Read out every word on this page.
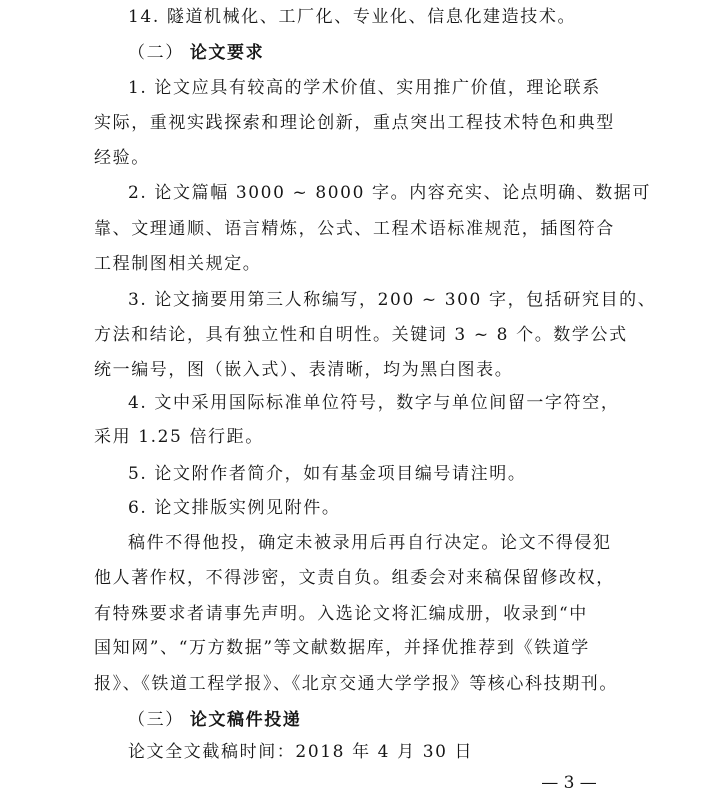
14. 隧道机械化、工厂化、专业化、信息化建造技术。
（二） 论文要求
1. 论文应具有较高的学术价值、实用推广价值，理论联系
实际，重视实践探索和理论创新，重点突出工程技术特色和典型
经验。
2. 论文篇幅 3000 ~ 8000 字。内容充实、论点明确、数据可
靠、文理通顺、语言精炼，公式、工程术语标准规范，插图符合
工程制图相关规定。
3. 论文摘要用第三人称编写，200 ~ 300 字，包括研究目的、
方法和结论，具有独立性和自明性。关键词 3 ~ 8 个。数学公式
统一编号，图（嵌入式）、表清晰，均为黑白图表。
4. 文中采用国际标准单位符号，数字与单位间留一字符空，
采用 1.25 倍行距。
5. 论文附作者简介，如有基金项目编号请注明。
6. 论文排版实例见附件。
稿件不得他投，确定未被录用后再自行决定。论文不得侵犯
他人著作权，不得涉密，文责自负。组委会对来稿保留修改权，
有特殊要求者请事先声明。入选论文将汇编成册，收录到“中
国知网”、“万方数据”等文献数据库，并择优推荐到《铁道学
报》、《铁道工程学报》、《北京交通大学学报》等核心科技期刊。
（三） 论文稿件投递
论文全文截稿时间：2018 年 4 月 30 日
— 3 —
